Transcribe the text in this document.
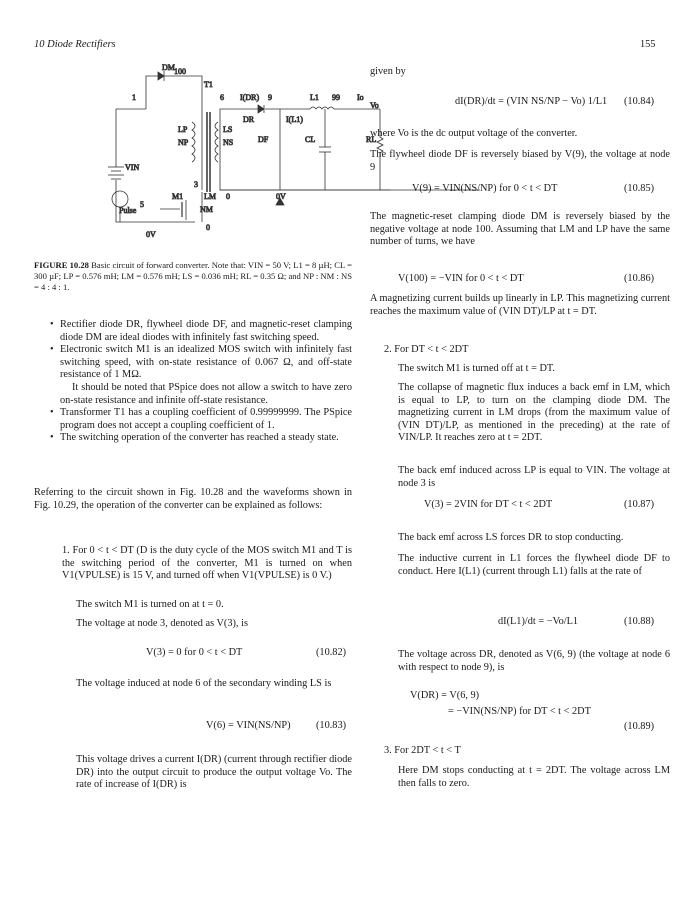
10 Diode Rectifiers	155
DM 100
T1
1	6 I(DR) 9	L1 99 Io
Vo
DR	I(L1)
LP
NP
LS
NS	DF	CL	RL
VIN
3
M1	LM 0	0V
5
NM
Pulse
0V
0
FIGURE 10.28 Basic circuit of forward converter. Note that: VIN = 50 V; L1 = 8 µH; CL = 300 µF; LP = 0.576 mH; LM = 0.576 mH; LS = 0.036 mH; RL = 0.35 Ω; and NP : NM : NS = 4 : 4 : 1.
• Rectifier diode DR, flywheel diode DF, and magnetic-reset clamping diode DM are ideal diodes with infinitely fast switching speed.
• Electronic switch M1 is an idealized MOS switch with infinitely fast switching speed, with on-state resistance of 0.067 Ω, and off-state resistance of 1 MΩ.
It should be noted that PSpice does not allow a switch to have zero on-state resistance and infinite off-state resistance.
• Transformer T1 has a coupling coefficient of 0.99999999. The PSpice program does not accept a coupling coefficient of 1.
• The switching operation of the converter has reached a steady state.
Referring to the circuit shown in Fig. 10.28 and the waveforms shown in Fig. 10.29, the operation of the converter can be explained as follows:
1. For 0 < t < DT (D is the duty cycle of the MOS switch M1 and T is the switching period of the converter, M1 is turned on when V1(VPULSE) is 15 V, and turned off when V1(VPULSE) is 0 V.)
The switch M1 is turned on at t = 0.
The voltage at node 3, denoted as V(3), is
V(3) = 0 for 0 < t < DT	(10.82)
The voltage induced at node 6 of the secondary winding LS is
V(6) = VIN(NS/NP) (10.83)
This voltage drives a current I(DR) (current through rectifier diode DR) into the output circuit to produce the output voltage Vo. The rate of increase of I(DR) is
given by
dI(DR)/dt = (VIN NS/NP − Vo) 1/L1 (10.84)
where Vo is the dc output voltage of the converter.
The flywheel diode DF is reversely biased by V(9), the voltage at node 9
V(9) = VIN(NS/NP) for 0 < t < DT	(10.85)
The magnetic-reset clamping diode DM is reversely biased by the negative voltage at node 100. Assuming that LM and LP have the same number of turns, we have
V(100) = −VIN for 0 < t < DT	(10.86)
A magnetizing current builds up linearly in LP. This magnetizing current reaches the maximum value of (VIN DT)/LP at t = DT.
2. For DT < t < 2DT
The switch M1 is turned off at t = DT.
The collapse of magnetic flux induces a back emf in LM, which is equal to LP, to turn on the clamping diode DM. The magnetizing current in LM drops (from the maximum value of (VIN DT)/LP, as mentioned in the preceding) at the rate of VIN/LP. It reaches zero at t = 2DT.
The back emf induced across LP is equal to VIN. The voltage at node 3 is
V(3) = 2VIN for DT < t < 2DT	(10.87)
The back emf across LS forces DR to stop conducting.
The inductive current in L1 forces the flywheel diode DF to conduct. Here I(L1) (current through L1) falls at the rate of
dI(L1)/dt = −Vo/L1	(10.88)
The voltage across DR, denoted as V(6, 9) (the voltage at node 6 with respect to node 9), is
V(DR) = V(6, 9)
= −VIN(NS/NP) for DT < t < 2DT
(10.89)
3. For 2DT < t < T
Here DM stops conducting at t = 2DT. The voltage across LM then falls to zero.
